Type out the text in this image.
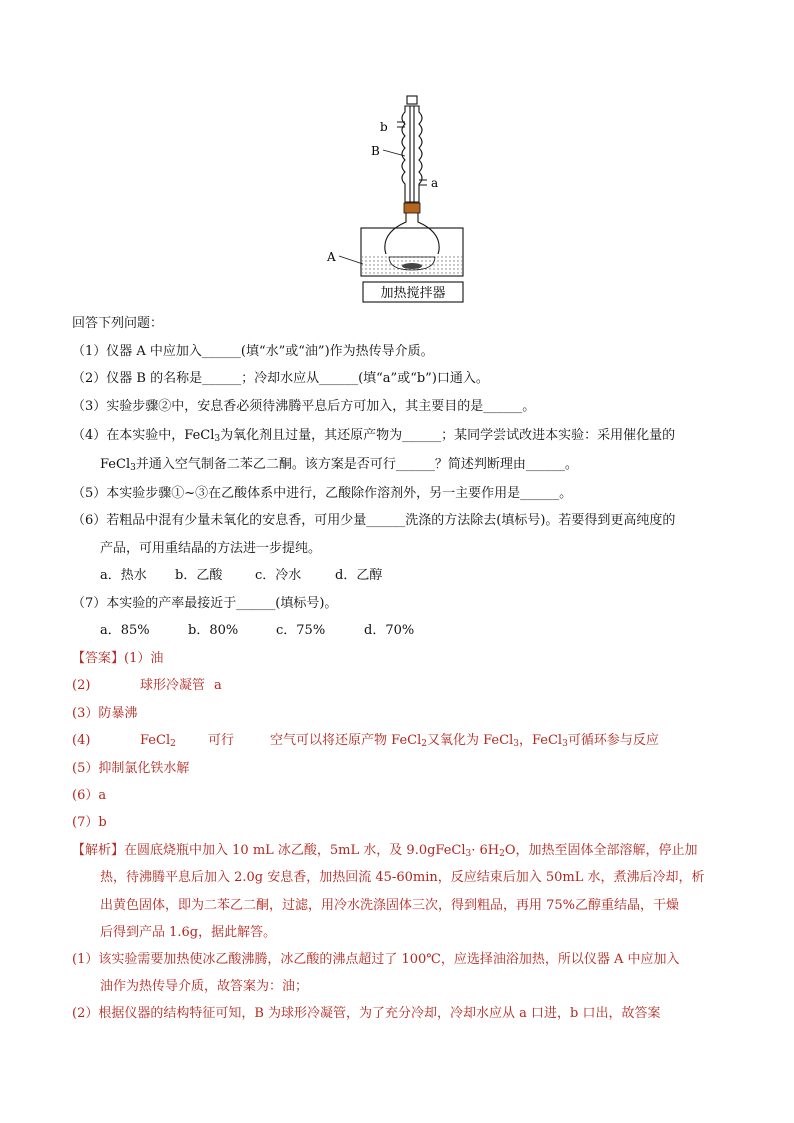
加热搅拌器
b
B
a
A
回答下列问题：
（1）仪器 A 中应加入______(填“水”或“油”)作为热传导介质。
（2）仪器 B 的名称是______；冷却水应从______(填“a”或“b”)口通入。
（3）实验步骤②中，安息香必须待沸腾平息后方可加入，其主要目的是______。
（4）在本实验中，FeCl$_3$为氧化剂且过量，其还原产物为______；某同学尝试改进本实验：采用催化量的
FeCl$_3$并通入空气制备二苯乙二酮。该方案是否可行______？简述判断理由______。
（5）本实验步骤①~③在乙酸体系中进行，乙酸除作溶剂外，另一主要作用是______。
（6）若粗品中混有少量未氧化的安息香，可用少量______洗涤的方法除去(填标号)。若要得到更高纯度的
产品，可用重结晶的方法进一步提纯。
a．热水 b．乙酸	c．冷水	d．乙醇
（7）本实验的产率最接近于______(填标号)。
a．85%	b．80%	c．75%	d．70%
【答案】(1）油
(2)	球形冷凝管 a
(3）防暴沸
(4)	FeCl$_2$ 可行	空气可以将还原产物 FeCl$_2$又氧化为 FeCl$_3$，FeCl$_3$可循环参与反应
(5）抑制氯化铁水解
(6）a
(7）b
【解析】在圆底烧瓶中加入 10 mL 冰乙酸，5mL 水，及 9.0gFeCl$_3$· $6H_2O$，加热至固体全部溶解，停止加
热，待沸腾平息后加入 2.0g 安息香，加热回流 45-60min，反应结束后加入 50mL 水，煮沸后冷却，析
出黄色固体，即为二苯乙二酮，过滤，用冷水洗涤固体三次，得到粗品，再用 75%乙醇重结晶，干燥
后得到产品 1.6g，据此解答。
(1）该实验需要加热使冰乙酸沸腾，冰乙酸的沸点超过了 100℃，应选择油浴加热，所以仪器 A 中应加入
油作为热传导介质，故答案为：油；
(2）根据仪器的结构特征可知，B 为球形冷凝管，为了充分冷却，冷却水应从 a 口进，b 口出，故答案
